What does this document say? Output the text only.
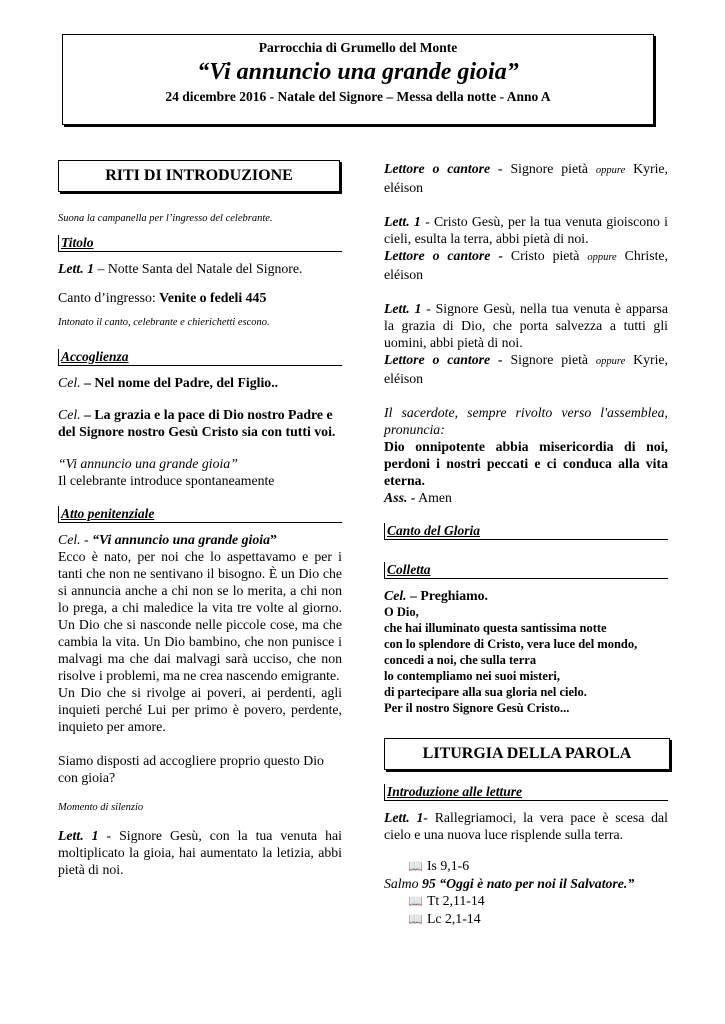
Parrocchia di Grumello del Monte
“Vi annuncio una grande gioia”
24 dicembre 2016 - Natale del Signore – Messa della notte - Anno A
RITI DI INTRODUZIONE
Suona la campanella per l’ingresso del celebrante.
Titolo

Lett. 1 – Notte Santa del Natale del Signore.

Canto d’ingresso: Venite o fedeli 445

Intonato il canto, celebrante e chierichetti escono.
Accoglienza

Cel. – Nel nome del Padre, del Figlio..

Cel. – La grazia e la pace di Dio nostro Padre e del Signore nostro Gesù Cristo sia con tutti voi.

“Vi annuncio una grande gioia”

Il celebrante introduce spontaneamente

Atto penitenziale

Cel. - “Vi annuncio una grande gioia”

Ecco è nato, per noi che lo aspettavamo e per i tanti che non ne sentivano il bisogno. È un Dio che si annuncia anche a chi non se lo merita, a chi non lo prega, a chi maledice la vita tre volte al giorno. Un Dio che si nasconde nelle piccole cose, ma che cambia la vita. Un Dio bambino, che non punisce i malvagi ma che dai malvagi sarà ucciso, che non risolve i problemi, ma ne crea nascendo emigrante.

Un Dio che si rivolge ai poveri, ai perdenti, agli inquieti perché Lui per primo è povero, perdente, inquieto per amore.

Siamo disposti ad accogliere proprio questo Dio con gioia?

Momento di silenzio

Lett. 1 - Signore Gesù, con la tua venuta hai moltiplicato la gioia, hai aumentato la letizia, abbi pietà di noi.

Lettore o cantore - Signore pietà oppure Kyrie, eléison

Lett. 1 - Cristo Gesù, per la tua venuta gioiscono i cieli, esulta la terra, abbi pietà di noi.

Lettore o cantore - Cristo pietà oppure Christe, eléison

Lett. 1 - Signore Gesù, nella tua venuta è apparsa la grazia di Dio, che porta salvezza a tutti gli uomini, abbi pietà di noi.

Lettore o cantore - Signore pietà oppure Kyrie, eléison

Il sacerdote, sempre rivolto verso l'assemblea, pronuncia:

Dio onnipotente abbia misericordia di noi, perdoni i nostri peccati e ci conduca alla vita eterna.

Ass. - Amen

Canto del Gloria
Colletta

Cel. – Preghiamo.

O Dio,
che hai illuminato questa santissima notte
con lo splendore di Cristo, vera luce del mondo,
concedi a noi, che sulla terra
lo contempliamo nei suoi misteri,
di partecipare alla sua gloria nel cielo.
Per il nostro Signore Gesù Cristo...
LITURGIA DELLA PAROLA
Introduzione alle letture

Lett. 1- Rallegriamoci, la vera pace è scesa dal cielo e una nuova luce risplende sulla terra.

📖 Is 9,1-6
Salmo 95 “Oggi è nato per noi il Salvatore.”
📖 Tt 2,11-14
📖 Lc 2,1-14
